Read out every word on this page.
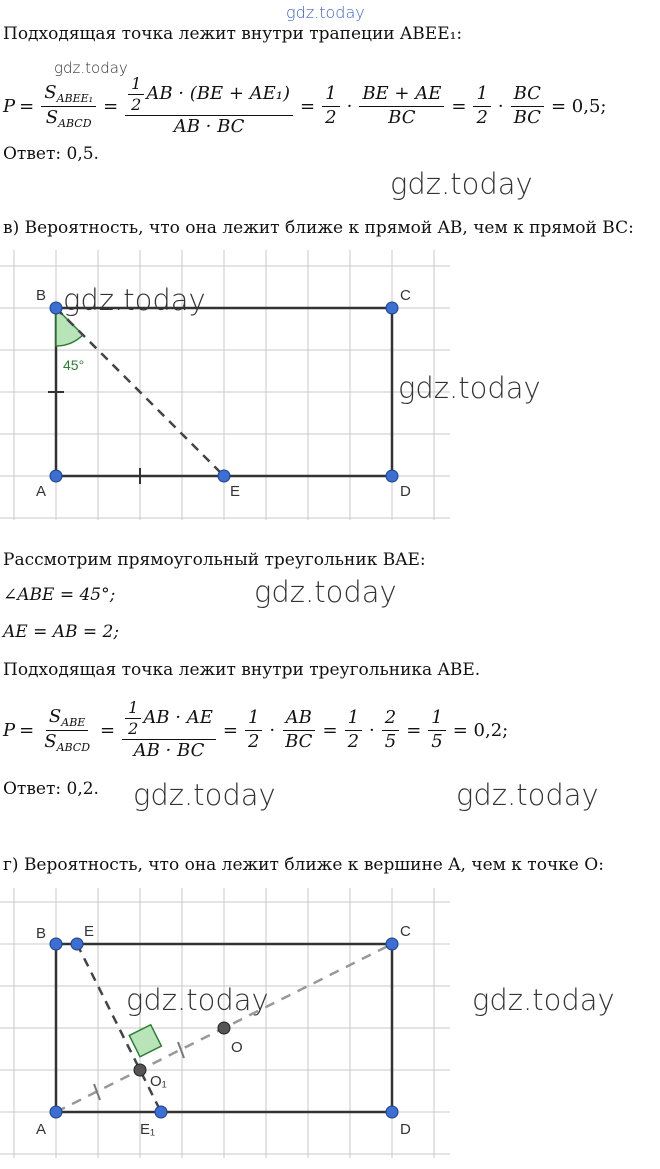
gdz.today
Подходящая точка лежит внутри трапеции ABEE₁:
gdz.today
$P = \frac{S_{ABEE_1}}{S_{ABCD}} = \frac{\frac{1}{2} AB \cdot (BE + AE_1)}{AB \cdot BC} = \frac{1}{2} \cdot \frac{BE + AE}{BC} = \frac{1}{2} \cdot \frac{BC}{BC} = 0,5$;
Ответ: 0,5.
gdz.today
в) Вероятность, что она лежит ближе к прямой AB, чем к прямой BC:
B	C
A	E	D
45°
gdz.today
gdz.today
Рассмотрим прямоугольный треугольник BAE:
∠ABE = 45°;	gdz.today
AE = AB = 2;
Подходящая точка лежит внутри треугольника ABE.
$P = \frac{S_{ABE}}{S_{ABCD}} = \frac{\frac{1}{2} AB \cdot AE}{AB \cdot BC} = \frac{1}{2} \cdot \frac{AB}{BC} = \frac{1}{2} \cdot \frac{2}{5} = \frac{1}{5} = 0,2$;
Ответ: 0,2. gdz.today	gdz.today
г) Вероятность, что она лежит ближе к вершине A, чем к точке O:
B	E	C
A	E₁	D
O
O₁
gdz.today	gdz.today
